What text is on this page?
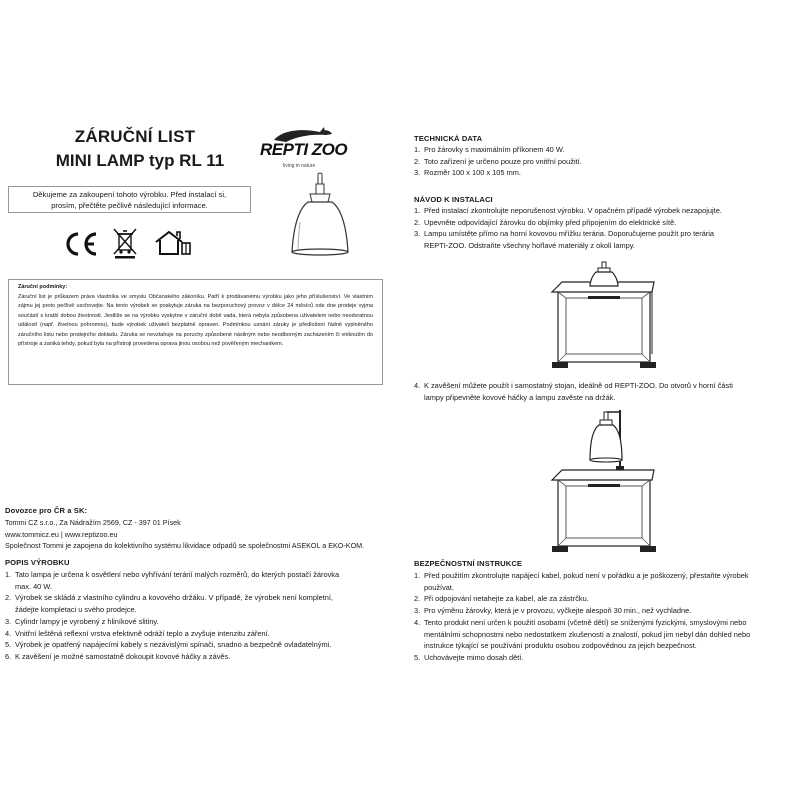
ZÁRUČNÍ LIST
MINI LAMP typ RL 11
REPTI ZOO
living in nature
Děkujeme za zakoupení tohoto výrobku. Před instalací si,
prosím, přečtěte pečlivě následující informace.
Záruční podmínky:
Záruční list je průkazem práva vlastníka ve smyslu Občanského zákoníku. Patří k prodávanému výrobku jako jeho příslušenství. Ve vlastním zájmu jej proto pečlivě uschovejte. Na tento výrobek se poskytuje záruka na bezporuchový provoz v délce 24 měsíců ode dne prodeje vyjma součástí s kratší dobou životnosti. Jestliže se na výrobku vyskytne v záruční době vada, která nebyla způsobena uživatelem nebo neodvratnou událostí (např. živelnou pohromou), bude výrobek uživateli bezplatně opraven. Podmínkou uznání záruky je předložení řádně vyplněného záručního listu nebo prodejního dokladu. Záruka se nevztahuje na poruchy způsobené násilným nebo neodborným zacházením či vniknutím do přístroje a zaniká tehdy, pokud byla na přístroji provedena oprava jinou osobou než pověřeným mechanikem.
Dovozce pro ČR a SK:
Tommi CZ s.r.o., Za Nádražím 2569, CZ - 397 01 Písek
www.tommicz.eu | www.reptizoo.eu
Společnost Tommi je zapojena do kolektivního systému likvidace odpadů se společnostmi ASEKOL a EKO-KOM.
POPIS VÝROBKU
1. Tato lampa je určena k osvětlení nebo vyhřívání terárií malých rozměrů, do kterých postačí žárovka
max. 40 W.
2. Výrobek se skládá z vlastního cylindru a kovového držáku. V případě, že výrobek není kompletní,
žádejte kompletaci u svého prodejce.
3. Cylindr lampy je vyrobený z hliníkové slitiny.
4. Vnitřní leštěná reflexní vrstva efektivně odráží teplo a zvyšuje intenzitu záření.
5. Výrobek je opatřený napájecími kabely s nezávislými spínači, snadno a bezpečně ovladatelnými.
6. K zavěšení je možné samostatně dokoupit kovové háčky a závěs.
TECHNICKÁ DATA
1. Pro žárovky s maximálním příkonem 40 W.
2. Toto zařízení je určeno pouze pro vnitřní použití.
3. Rozměr 100 x 100 x 105 mm.
NÁVOD K INSTALACI
1. Před instalací zkontrolujte neporušenost výrobku. V opačném případě výrobek nezapojujte.
2. Upevněte odpovídající žárovku do objímky před připojením do elektrické sítě.
3. Lampu umístěte přímo na horní kovovou mřížku terária. Doporučujeme použít pro terária
REPTI-ZOO. Odstraňte všechny hořlavé materiály z okolí lampy.
4. K zavěšení můžete použít i samostatný stojan, ideálně od REPTI-ZOO. Do otvorů v horní části
lampy připevněte kovové háčky a lampu zavěste na držák.
BEZPEČNOSTNÍ INSTRUKCE
1. Před použitím zkontrolujte napájecí kabel, pokud není v pořádku a je poškozený, přestaňte výrobek
používat.
2. Při odpojování netahejte za kabel, ale za zástrčku.
3. Pro výměnu žárovky, která je v provozu, vyčkejte alespoň 30 min., než vychladne.
4. Tento produkt není určen k použití osobami (včetně dětí) se sníženými fyzickými, smyslovými nebo
mentálními schopnostmi nebo nedostatkem zkušeností a znalostí, pokud jim nebyl dán dohled nebo
instrukce týkající se používání produktu osobou zodpovědnou za jejich bezpečnost.
5. Uchovávejte mimo dosah dětí.
